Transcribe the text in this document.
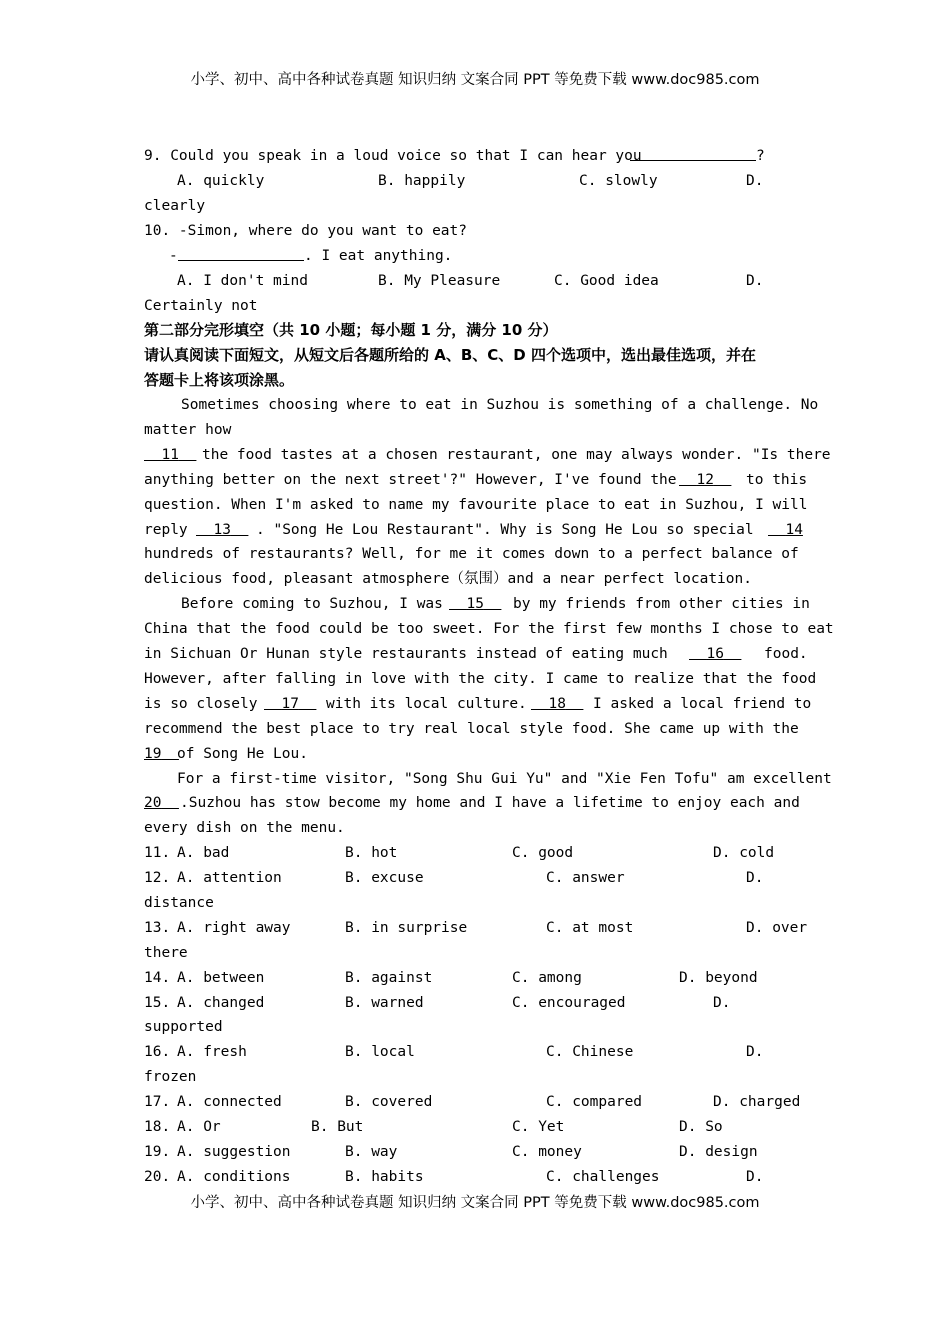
小学、初中、高中各种试卷真题 知识归纳 文案合同 PPT 等免费下载 www.doc985.com

9. Could you speak in a loud voice so that I can hear you

	?

A. quickly

	B. happily

	C. slowly

	D.

clearly
10. -Simon, where do you want to eat?

-

	. I eat anything.

A. I don't mind

	B. My Pleasure

	C. Good idea

	D.

Certainly not
第二部分完形填空（共 10 小题；每小题 1 分，满分 10 分）
请认真阅读下面短文，从短文后各题所给的 A、B、C、D 四个选项中，选出最佳选项，并在
答题卡上将该项涂黑。
Sometimes choosing where to eat in Suzhou is something of a challenge. No
matter how

11

	the food tastes at a chosen restaurant, one may always wonder. "Is there

anything better on the next street'?" However, I've found the

	12

	to this

question. When I'm asked to name my favourite place to eat in Suzhou, I will

reply

	13

	. "Song He Lou Restaurant". Why is Song He Lou so special

	14

hundreds of restaurants? Well, for me it comes down to a perfect balance of
delicious food, pleasant atmosphere（氛围）and a near perfect location.

Before coming to Suzhou, I was

	15

	by my friends from other cities in

China that the food could be too sweet. For the first few months I chose to eat

in Sichuan Or Hunan style restaurants instead of eating much

	16

	food.

However, after falling in love with the city. I came to realize that the food

is so closely

	17

	with its local culture.

	18

	I asked a local friend to

recommend the best place to try real local style food. She came up with the

19

	of Song He Lou.

For a first-time visitor, "Song Shu Gui Yu" and "Xie Fen Tofu" am excellent

20

	.Suzhou has stow become my home and I have a lifetime to enjoy each and

every dish on the menu.

11.

A. bad

	B. hot

	C. good

	D. cold

12.

A. attention

	B. excuse

	C. answer

	D.

distance

13.

A. right away

	B. in surprise

	C. at most

	D. over

there

14.

A. between

	B. against

	C. among

	D. beyond

15.

A. changed

	B. warned

	C. encouraged

	D.

supported

16.

A. fresh

	B. local

	C. Chinese

	D.

frozen

17.

A. connected

	B. covered

	C. compared

	D. charged

18.

A. Or

	B. But

	C. Yet

	D. So

19.

A. suggestion

	B. way

	C. money

	D. design

20.

A. conditions

	B. habits

	C. challenges

	D.

小学、初中、高中各种试卷真题 知识归纳 文案合同 PPT 等免费下载 www.doc985.com
